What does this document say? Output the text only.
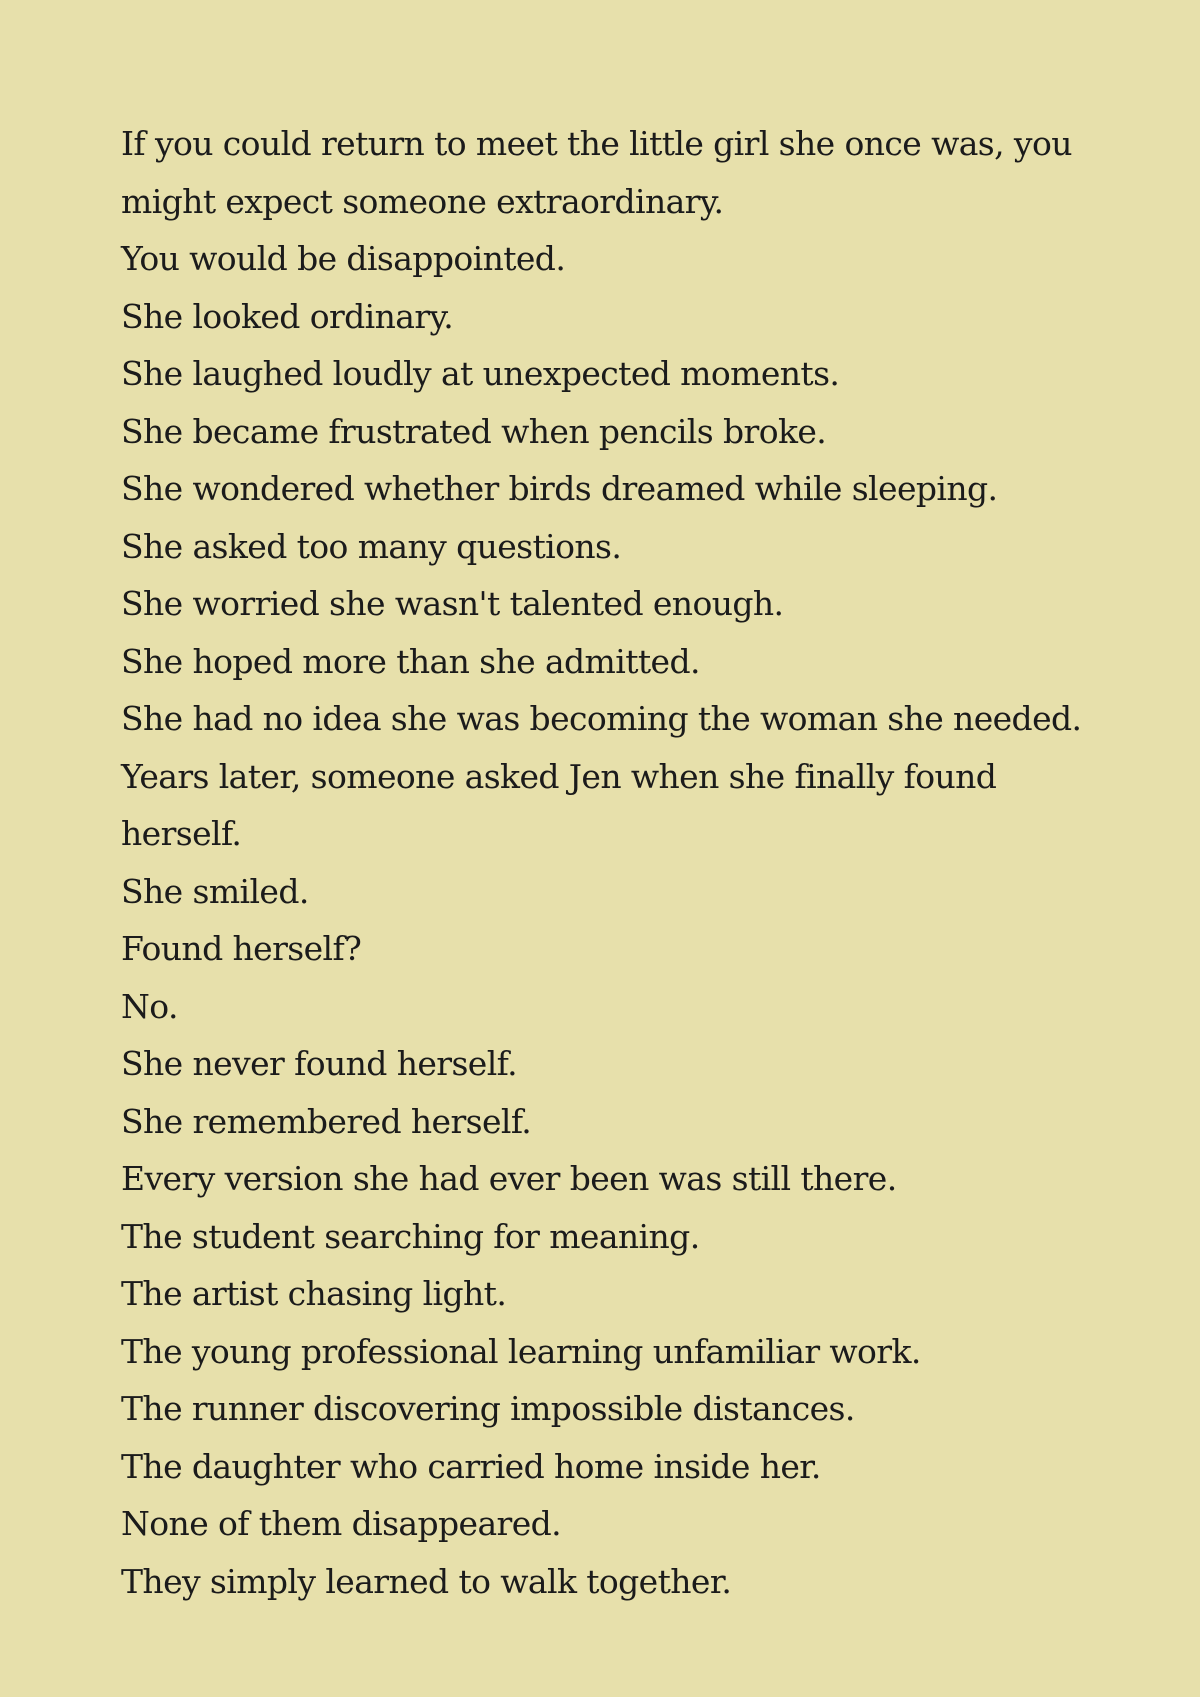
If you could return to meet the little girl she once was, you might expect someone extraordinary.
You would be disappointed.
She looked ordinary.
She laughed loudly at unexpected moments.
She became frustrated when pencils broke.
She wondered whether birds dreamed while sleeping.
She asked too many questions.
She worried she wasn't talented enough.
She hoped more than she admitted.
She had no idea she was becoming the woman she needed.
Years later, someone asked Jen when she finally found herself.
She smiled.
Found herself?
No.
She never found herself.
She remembered herself.
Every version she had ever been was still there.
The student searching for meaning.
The artist chasing light.
The young professional learning unfamiliar work.
The runner discovering impossible distances.
The daughter who carried home inside her.
None of them disappeared.
They simply learned to walk together.
